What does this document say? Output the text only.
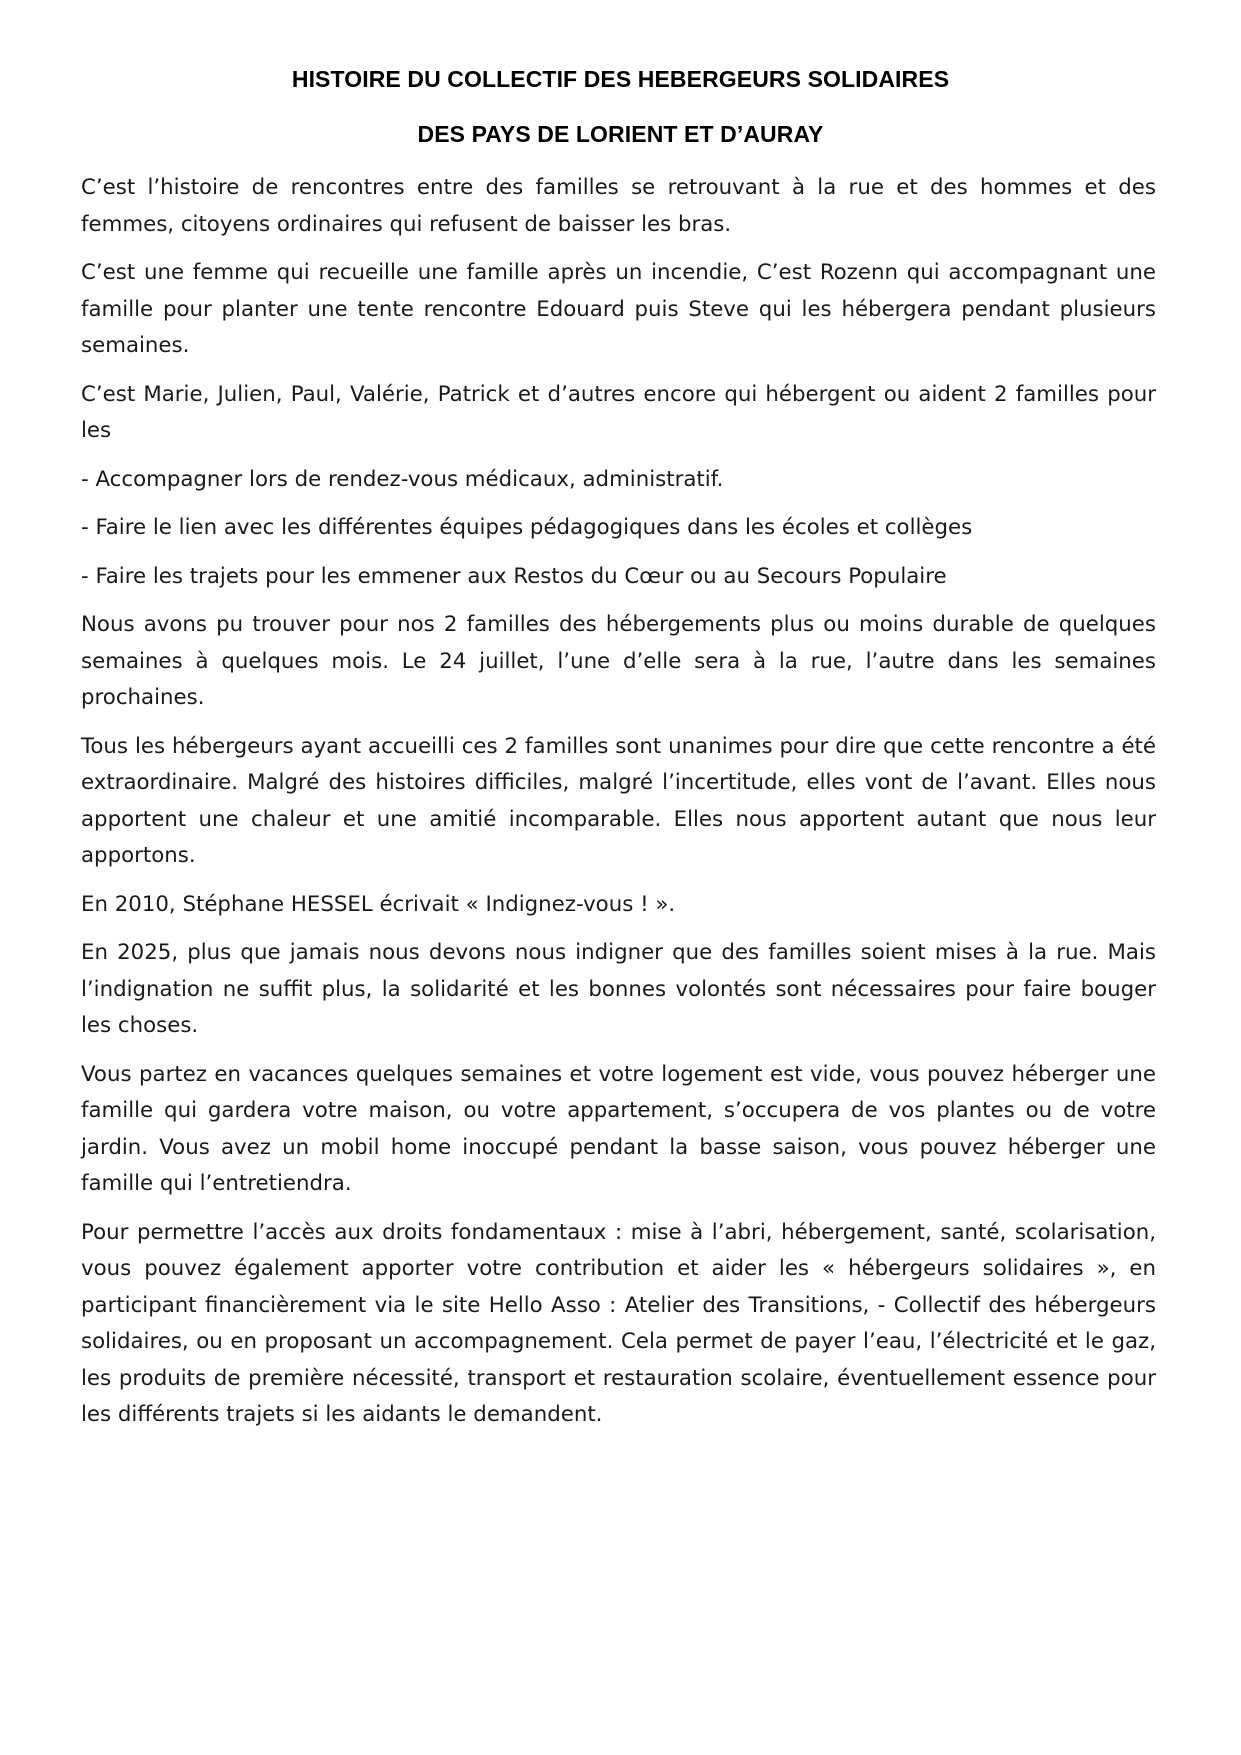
HISTOIRE DU COLLECTIF DES HEBERGEURS SOLIDAIRES
DES PAYS DE LORIENT ET D’AURAY

C’est l’histoire de rencontres entre des familles se retrouvant à la rue et des hommes et des femmes, citoyens ordinaires qui refusent de baisser les bras.

C’est une femme qui recueille une famille après un incendie, C’est Rozenn qui accompagnant une famille pour planter une tente rencontre Edouard puis Steve qui les hébergera pendant plusieurs semaines.

C’est Marie, Julien, Paul, Valérie, Patrick et d’autres encore qui hébergent ou aident 2 familles pour les

- Accompagner lors de rendez-vous médicaux, administratif.

- Faire le lien avec les différentes équipes pédagogiques dans les écoles et collèges

- Faire les trajets pour les emmener aux Restos du Cœur ou au Secours Populaire

Nous avons pu trouver pour nos 2 familles des hébergements plus ou moins durable de quelques semaines à quelques mois. Le 24 juillet, l’une d’elle sera à la rue, l’autre dans les semaines prochaines.

Tous les hébergeurs ayant accueilli ces 2 familles sont unanimes pour dire que cette rencontre a été extraordinaire. Malgré des histoires difficiles, malgré l’incertitude, elles vont de l’avant. Elles nous apportent une chaleur et une amitié incomparable. Elles nous apportent autant que nous leur apportons.

En 2010, Stéphane HESSEL écrivait « Indignez-vous ! ».

En 2025, plus que jamais nous devons nous indigner que des familles soient mises à la rue. Mais l’indignation ne suffit plus, la solidarité et les bonnes volontés sont nécessaires pour faire bouger les choses.

Vous partez en vacances quelques semaines et votre logement est vide, vous pouvez héberger une famille qui gardera votre maison, ou votre appartement, s’occupera de vos plantes ou de votre jardin. Vous avez un mobil home inoccupé pendant la basse saison, vous pouvez héberger une famille qui l’entretiendra.

Pour permettre l’accès aux droits fondamentaux : mise à l’abri, hébergement, santé, scolarisation, vous pouvez également apporter votre contribution et aider les « hébergeurs solidaires », en participant financièrement via le site Hello Asso : Atelier des Transitions, - Collectif des hébergeurs solidaires, ou en proposant un accompagnement. Cela permet de payer l’eau, l’électricité et le gaz, les produits de première nécessité, transport et restauration scolaire, éventuellement essence pour les différents trajets si les aidants le demandent.
